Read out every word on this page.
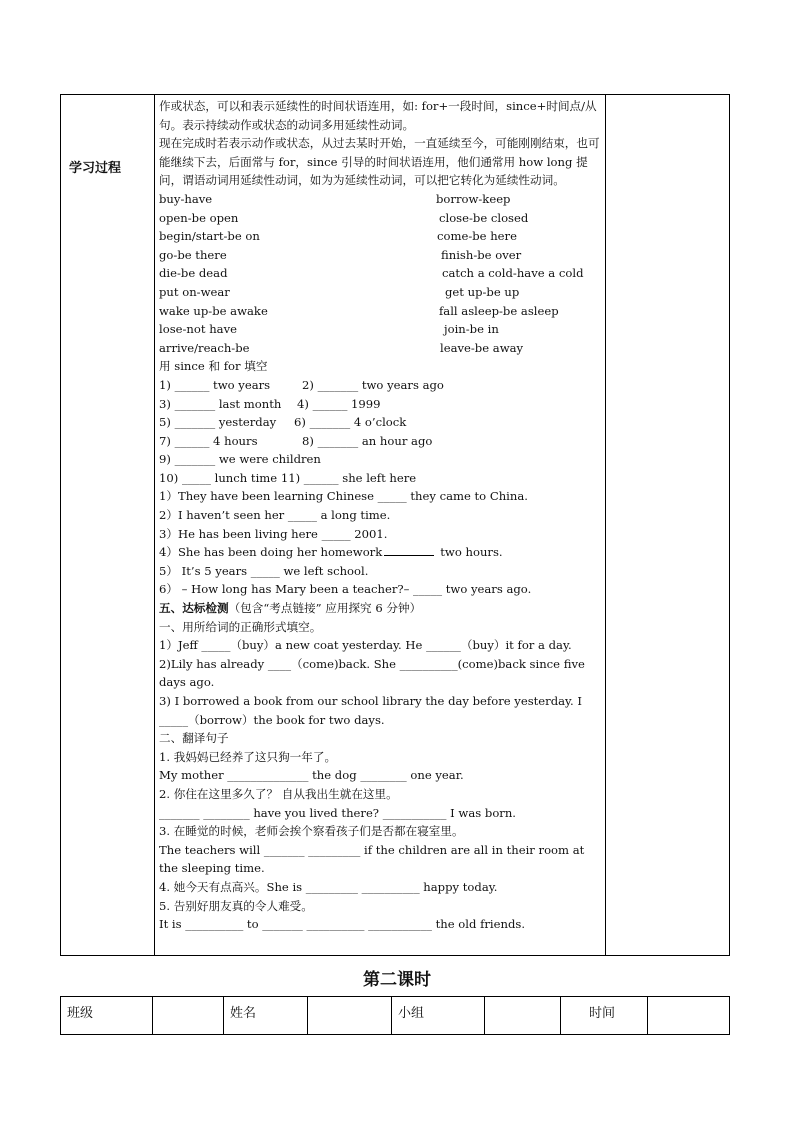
学习过程
作或状态，可以和表示延续性的时间状语连用，如: for+一段时间，since+时间点/从句。表示持续动作或状态的动词多用延续性动词。
现在完成时若表示动作或状态，从过去某时开始，一直延续至今，可能刚刚结束，也可能继续下去，后面常与 for，since 引导的时间状语连用，他们通常用 how long 提问，谓语动词用延续性动词，如为为延续性动词，可以把它转化为延续性动词。
buy-have	borrow-keep
open-be open	close-be closed
begin/start-be on	come-be here
go-be there	finish-be over
die-be dead	catch a cold-have a cold
put on-wear	get up-be up
wake up-be awake	fall asleep-be asleep
lose-not have	join-be in
arrive/reach-be	leave-be away
用 since 和 for 填空
1) ______ two years	2) _______ two years ago
3) _______ last month 4) ______ 1999
5) _______ yesterday 6) _______ 4 o’clock
7) ______ 4 hours	8) _______ an hour ago
9) _______ we were children
10) _____ lunch time 11) ______ she left here
1）They have been learning Chinese _____ they came to China.
2）I haven’t seen her _____ a long time.
3）He has been living here _____ 2001.
4）She has been doing her homework	two hours.
5） It’s 5 years _____ we left school.
6） – How long has Mary been a teacher?– _____ two years ago.
五、达标检测（包含“考点链接” 应用探究 6 分钟）
一、用所给词的正确形式填空。
1）Jeff _____（buy）a new coat yesterday. He ______（buy）it for a day.
2)Lily has already ____（come)back. She __________(come)back since five days ago.
3) I borrowed a book from our school library the day before yesterday. I _____（borrow）the book for two days.
二、翻译句子
1. 我妈妈已经养了这只狗一年了。
My mother ______________ the dog ________ one year.
2. 你住在这里多久了？ 自从我出生就在这里。
_______ ________ have you lived there? ___________ I was born.
3. 在睡觉的时候，老师会挨个察看孩子们是否都在寝室里。
The teachers will _______ _________ if the children are all in their room at the sleeping time.
4. 她今天有点高兴。She is _________ __________ happy today.
5. 告别好朋友真的令人难受。
It is __________ to _______ __________ ___________ the old friends.
第二课时
班级	姓名	小组	时间
